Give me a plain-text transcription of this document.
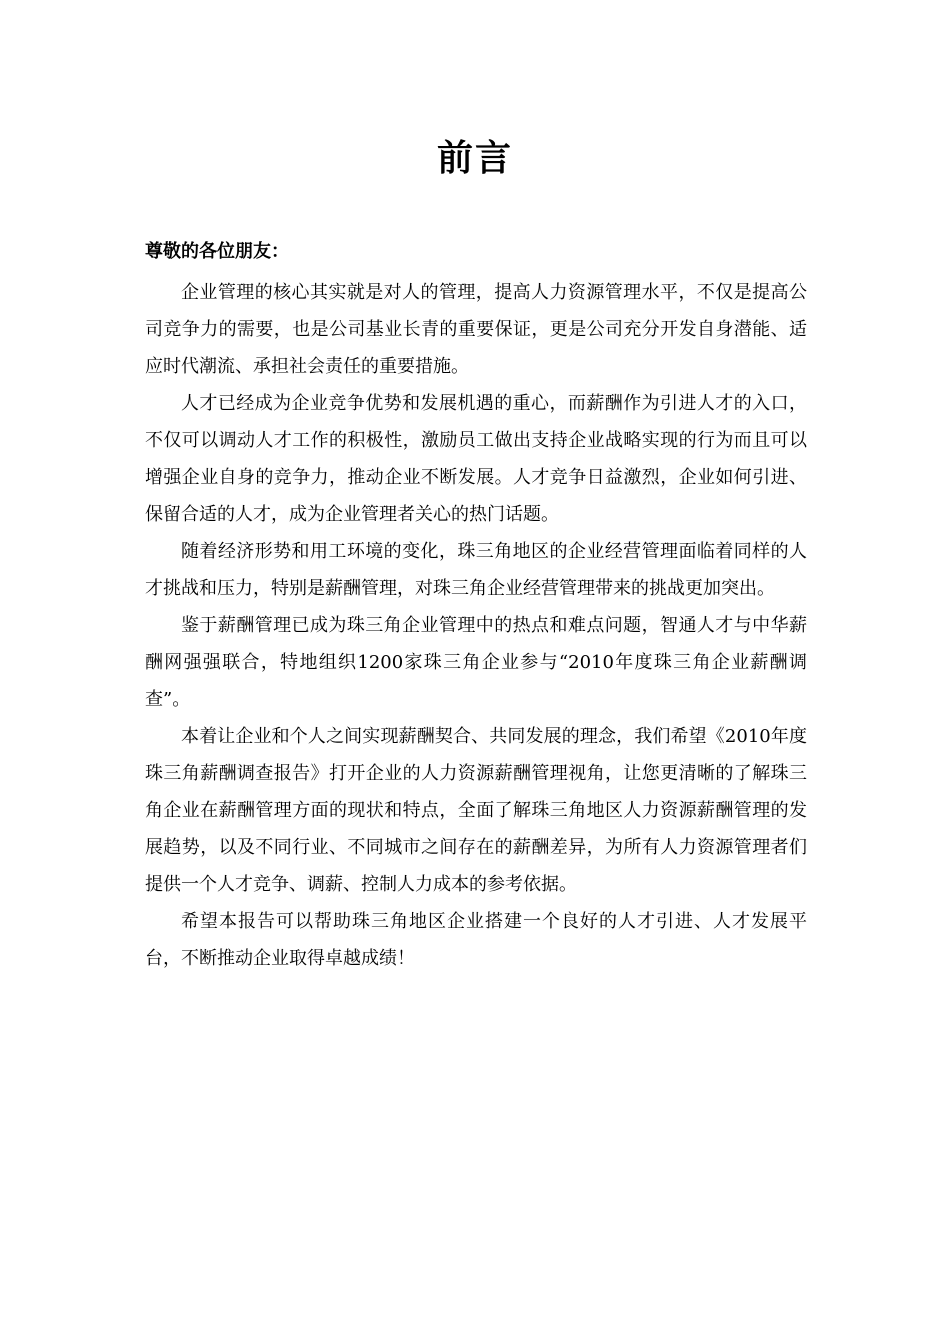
前言
尊敬的各位朋友：

企业管理的核心其实就是对人的管理，提高人力资源管理水平，不仅是提高公司竞争力的需要，也是公司基业长青的重要保证，更是公司充分开发自身潜能、适应时代潮流、承担社会责任的重要措施。

人才已经成为企业竞争优势和发展机遇的重心，而薪酬作为引进人才的入口，不仅可以调动人才工作的积极性，激励员工做出支持企业战略实现的行为而且可以增强企业自身的竞争力，推动企业不断发展。人才竞争日益激烈，企业如何引进、保留合适的人才，成为企业管理者关心的热门话题。

随着经济形势和用工环境的变化，珠三角地区的企业经营管理面临着同样的人才挑战和压力，特别是薪酬管理，对珠三角企业经营管理带来的挑战更加突出。

鉴于薪酬管理已成为珠三角企业管理中的热点和难点问题，智通人才与中华薪酬网强强联合，特地组织1200家珠三角企业参与“2010年度珠三角企业薪酬调查”。

本着让企业和个人之间实现薪酬契合、共同发展的理念，我们希望《2010年度珠三角薪酬调查报告》打开企业的人力资源薪酬管理视角，让您更清晰的了解珠三角企业在薪酬管理方面的现状和特点，全面了解珠三角地区人力资源薪酬管理的发展趋势，以及不同行业、不同城市之间存在的薪酬差异，为所有人力资源管理者们提供一个人才竞争、调薪、控制人力成本的参考依据。

希望本报告可以帮助珠三角地区企业搭建一个良好的人才引进、人才发展平台，不断推动企业取得卓越成绩！
